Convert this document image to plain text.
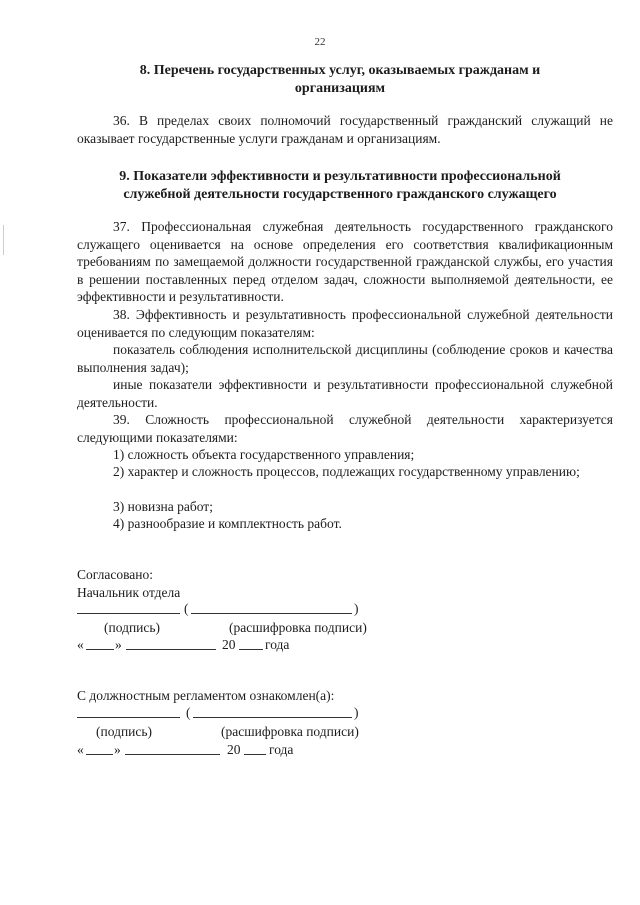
22
8. Перечень государственных услуг, оказываемых гражданам и
организациям
36. В пределах своих полномочий государственный гражданский служащий не оказывает государственные услуги гражданам и организациям.
9. Показатели эффективности и результативности профессиональной
служебной деятельности государственного гражданского служащего
37. Профессиональная служебная деятельность государственного гражданского служащего оценивается на основе определения его соответствия квалификационным требованиям по замещаемой должности государственной гражданской службы, его участия в решении поставленных перед отделом задач, сложности выполняемой деятельности, ее эффективности и результативности.
38. Эффективность и результативность профессиональной служебной деятельности оценивается по следующим показателям:
показатель соблюдения исполнительской дисциплины (соблюдение сроков и качества выполнения задач);
иные показатели эффективности и результативности профессиональной служебной деятельности.
39. Сложность профессиональной служебной деятельности характеризуется следующими показателями:
1) сложность объекта государственного управления;
2) характер и сложность процессов, подлежащих государственному управлению;
3) новизна работ;
4) разнообразие и комплектность работ.
Согласовано:
Начальник отдела
(	)
(подпись)	(расшифровка подписи)
« »	20 года
С должностным регламентом ознакомлен(а):
(	)
(подпись)	(расшифровка подписи)
« »	20 года
